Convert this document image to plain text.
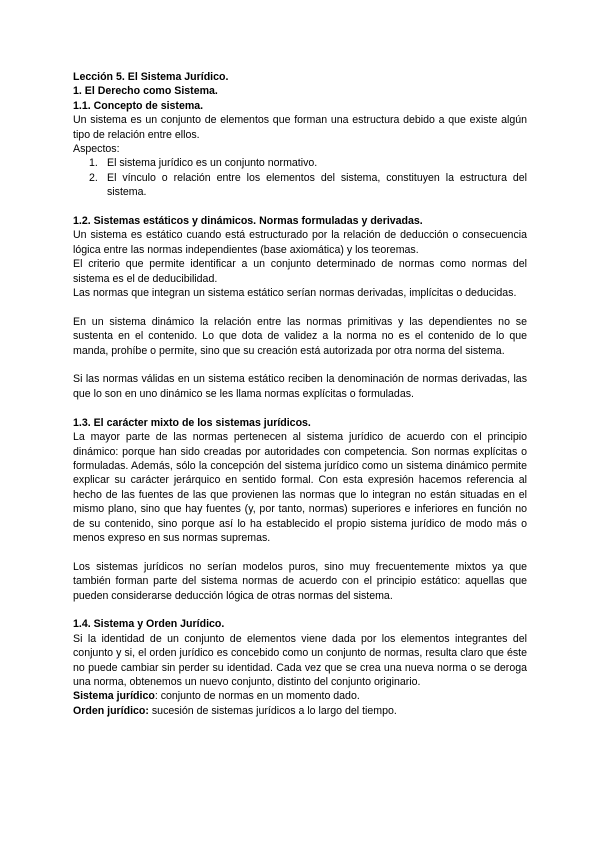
Lección 5. El Sistema Jurídico.

1. El Derecho como Sistema.

1.1. Concepto de sistema.

Un sistema es un conjunto de elementos que forman una estructura debido a que existe algún tipo de relación entre ellos.

Aspectos:

1. El sistema jurídico es un conjunto normativo.
2. El vínculo o relación entre los elementos del sistema, constituyen la estructura del sistema.

1.2. Sistemas estáticos y dinámicos. Normas formuladas y derivadas.

Un sistema es estático cuando está estructurado por la relación de deducción o consecuencia lógica entre las normas independientes (base axiomática) y los teoremas.

El criterio que permite identificar a un conjunto determinado de normas como normas del sistema es el de deducibilidad.

Las normas que integran un sistema estático serían normas derivadas, implícitas o deducidas.

En un sistema dinámico la relación entre las normas primitivas y las dependientes no se sustenta en el contenido. Lo que dota de validez a la norma no es el contenido de lo que manda, prohíbe o permite, sino que su creación está autorizada por otra norma del sistema.

Si las normas válidas en un sistema estático reciben la denominación de normas derivadas, las que lo son en uno dinámico se les llama normas explícitas o formuladas.

1.3. El carácter mixto de los sistemas jurídicos.

La mayor parte de las normas pertenecen al sistema jurídico de acuerdo con el principio dinámico: porque han sido creadas por autoridades con competencia. Son normas explícitas o formuladas. Además, sólo la concepción del sistema jurídico como un sistema dinámico permite explicar su carácter jerárquico en sentido formal. Con esta expresión hacemos referencia al hecho de las fuentes de las que provienen las normas que lo integran no están situadas en el mismo plano, sino que hay fuentes (y, por tanto, normas) superiores e inferiores en función no de su contenido, sino porque así lo ha establecido el propio sistema jurídico de modo más o menos expreso en sus normas supremas.

Los sistemas jurídicos no serían modelos puros, sino muy frecuentemente mixtos ya que también forman parte del sistema normas de acuerdo con el principio estático: aquellas que pueden considerarse deducción lógica de otras normas del sistema.

1.4. Sistema y Orden Jurídico.

Si la identidad de un conjunto de elementos viene dada por los elementos integrantes del conjunto y si, el orden jurídico es concebido como un conjunto de normas, resulta claro que éste no puede cambiar sin perder su identidad. Cada vez que se crea una nueva norma o se deroga una norma, obtenemos un nuevo conjunto, distinto del conjunto originario.

Sistema jurídico: conjunto de normas en un momento dado.

Orden jurídico: sucesión de sistemas jurídicos a lo largo del tiempo.
